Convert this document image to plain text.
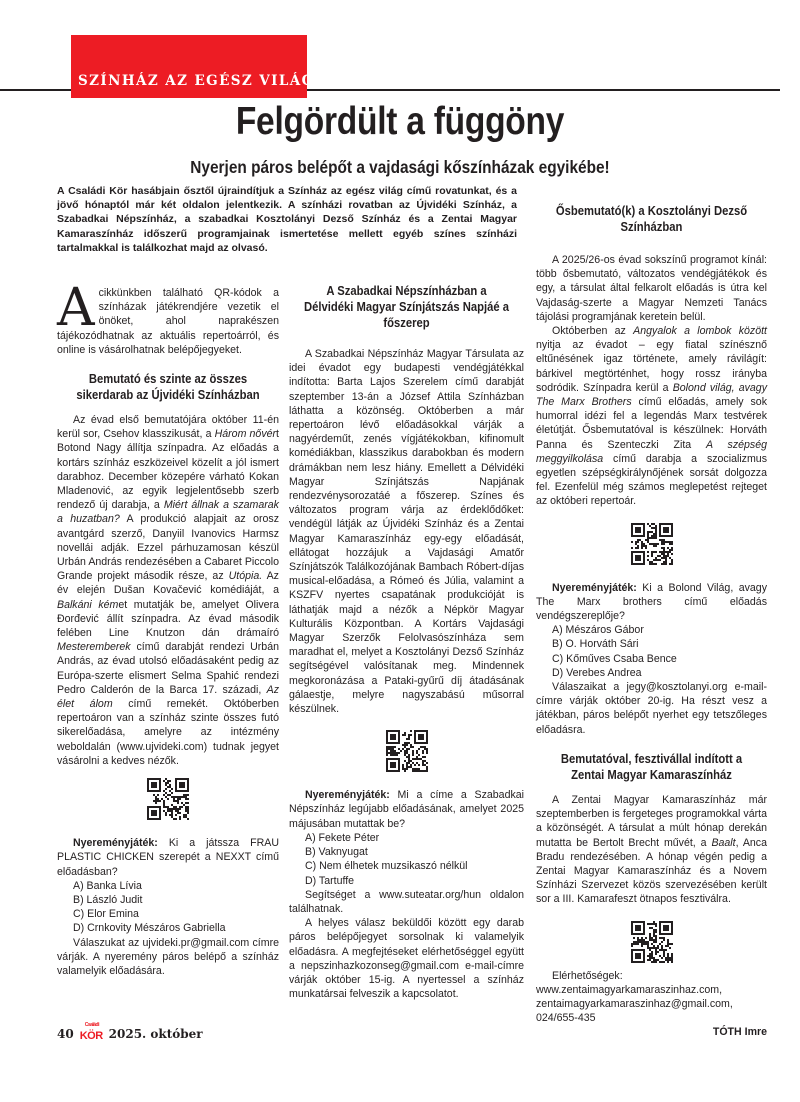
SZÍNHÁZ AZ EGÉSZ VILÁG
Felgördült a függöny
Nyerjen páros belépőt a vajdasági kőszínházak egyikébe!
A Családi Kör hasábjain ősztől újraindítjuk a Színház az egész világ című rovatunkat, és a jövő hónaptól már két oldalon jelentkezik. A színházi rovatban az Újvidéki Színház, a Szabadkai Népszínház, a szabadkai Kosztolányi Dezső Színház és a Zentai Magyar Kamaraszínház időszerű programjainak ismertetése mellett egyéb színes színházi tartalmakkal is találkozhat majd az olvasó.
A cikkünkben található QR-kódok a színházak játékrendjére vezetik el önöket, ahol naprakészen tájékozódhatnak az aktuális repertoárról, és online is vásárolhatnak belépőjegyeket.

Bemutató és szinte az összes sikerdarab az Újvidéki Színházban

Az évad első bemutatójára október 11-én kerül sor, Csehov klasszikusát, a Három nővért Botond Nagy állítja színpadra. Az előadás a kortárs színház eszközeivel közelít a jól ismert darabhoz. December közepére várható Kokan Mladenović, az egyik legjelentősebb szerb rendező új darabja, a Miért állnak a szamarak a huzatban? A produkció alapjait az orosz avantgárd szerző, Danyiil Ivanovics Harmsz novellái adják. Ezzel párhuzamosan készül Urbán András rendezésében a Cabaret Piccolo Grande projekt második része, az Utópia. Az év elején Dušan Kovačević komédiáját, a Balkáni kémet mutatják be, amelyet Olivera Đorđević állít színpadra. Az évad második felében Line Knutzon dán drámaíró Mesteremberek című darabját rendezi Urbán András, az évad utolsó előadásaként pedig az Európa-szerte elismert Selma Spahić rendezi Pedro Calderón de la Barca 17. századi, Az élet álom című remekét. Októberben repertoáron van a színház szinte összes futó sikerelőadása, amelyre az intézmény weboldalán (www.ujvideki.com) tudnak jegyet vásárolni a kedves nézők.

Nyereményjáték: Ki a játssza FRAU PLASTIC CHICKEN szerepét a NEXXT című előadásban?

A) Banka Lívia

B) László Judit

C) Elor Emina

D) Crnkovity Mészáros Gabriella

Válaszukat az ujvideki.pr@gmail.com címre várják. A nyeremény páros belépő a színház valamelyik előadására.

A Szabadkai Népszínházban a Délvidéki Magyar Színjátszás Napjáé a főszerep

A Szabadkai Népszínház Magyar Társulata az idei évadot egy budapesti vendégjátékkal indította: Barta Lajos Szerelem című darabját szeptember 13-án a József Attila Színházban láthatta a közönség. Októberben a már repertoáron lévő előadásokkal várják a nagyérdeműt, zenés vígjátékokban, kifinomult komédiákban, klasszikus darabokban és modern drámákban nem lesz hiány. Emellett a Délvidéki Magyar Színjátszás Napjának rendezvénysorozatáé a főszerep. Színes és változatos program várja az érdeklődőket: vendégül látják az Újvidéki Színház és a Zentai Magyar Kamaraszínház egy-egy előadását, ellátogat hozzájuk a Vajdasági Amatőr Színjátszók Találkozójának Bambach Róbert-díjas musical-előadása, a Rómeó és Júlia, valamint a KSZFV nyertes csapatának produkcióját is láthatják majd a nézők a Népkör Magyar Kulturális Központban. A Kortárs Vajdasági Magyar Szerzők Felolvasószínháza sem maradhat el, melyet a Kosztolányi Dezső Színház segítségével valósítanak meg. Mindennek megkoronázása a Pataki-gyűrű díj átadásának gálaestje, melyre nagyszabású műsorral készülnek.

Nyereményjáték: Mi a címe a Szabadkai Népszínház legújabb előadásának, amelyet 2025 májusában mutattak be?

A) Fekete Péter

B) Vaknyugat

C) Nem élhetek muzsikaszó nélkül

D) Tartuffe

Segítséget a www.suteatar.org/hun oldalon találhatnak.

A helyes válasz beküldői között egy darab páros belépőjegyet sorsolnak ki valamelyik előadásra. A megfejtéseket elérhetőséggel együtt a nepszinhazkozonseg@gmail.com e-mail-címre várják október 15-ig. A nyertessel a színház munkatársai felveszik a kapcsolatot.

Ősbemutató(k) a Kosztolányi Dezső Színházban

A 2025/26-os évad sokszínű programot kínál: több ősbemutató, változatos vendégjátékok és egy, a társulat által felkarolt előadás is útra kel Vajdaság-szerte a Magyar Nemzeti Tanács tájolási programjának keretein belül.

Októberben az Angyalok a lombok között nyitja az évadot – egy fiatal színésznő eltűnésének igaz története, amely rávilágít: bárkivel megtörténhet, hogy rossz irányba sodródik. Színpadra kerül a Bolond világ, avagy The Marx Brothers című előadás, amely sok humorral idézi fel a legendás Marx testvérek életútját. Ősbemutatóval is készülnek: Horváth Panna és Szenteczki Zita A szépség meggyilkolása című darabja a szocializmus egyetlen szépségkirálynőjének sorsát dolgozza fel. Ezenfelül még számos meglepetést rejteget az októberi repertoár.

Nyereményjáték: Ki a Bolond Világ, avagy The Marx brothers című előadás vendégszereplője?

A) Mészáros Gábor

B) O. Horváth Sári

C) Kőműves Csaba Bence

D) Verebes Andrea

Válaszaikat a jegy@kosztolanyi.org e-mail-címre várják október 20-ig. Ha részt vesz a játékban, páros belépőt nyerhet egy tetszőleges előadásra.

Bemutatóval, fesztivállal indított a Zentai Magyar Kamaraszínház

A Zentai Magyar Kamaraszínház már szeptemberben is fergeteges programokkal várta a közönségét. A társulat a múlt hónap derekán mutatta be Bertolt Brecht művét, a Baalt, Anca Bradu rendezésében. A hónap végén pedig a Zentai Magyar Kamaraszínház és a Novem Színházi Szervezet közös szervezésében került sor a III. Kamarafeszt ötnapos fesztiválra.

Elérhetőségek: www.zentaimagyarkamaraszinhaz.com, zentaimagyarkamaraszinhaz@gmail.com, 024/655-435

TÓTH Imre
40
Családi
KÖR 2025. október
